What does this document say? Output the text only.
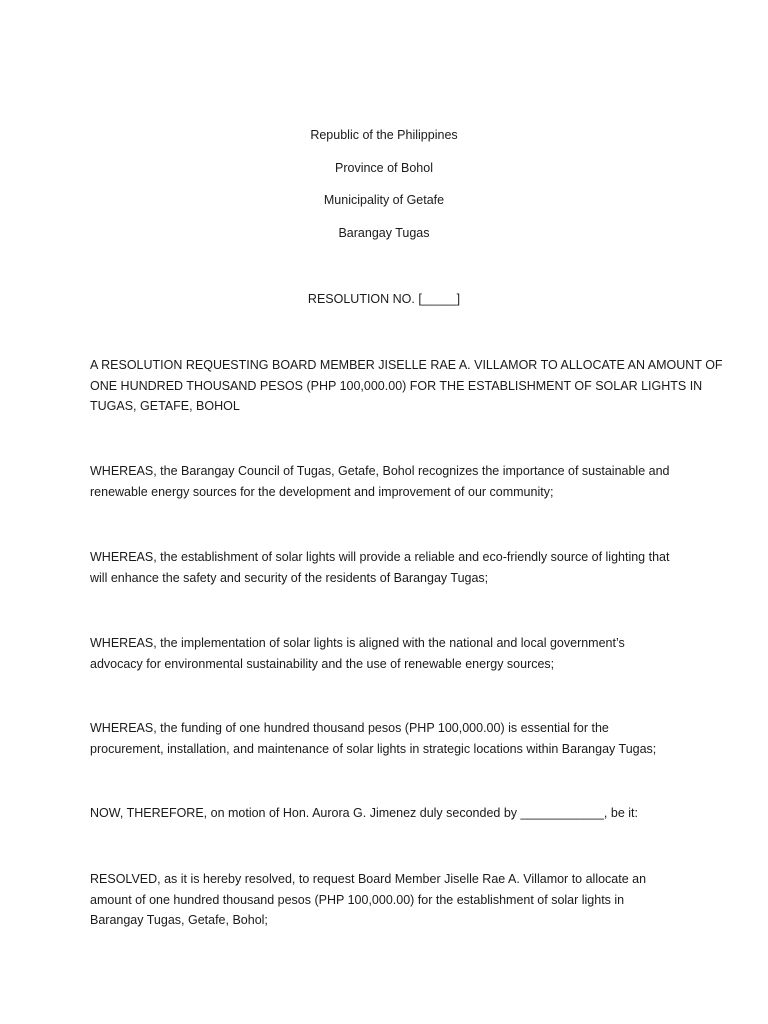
Republic of the Philippines
Province of Bohol
Municipality of Getafe
Barangay Tugas
RESOLUTION NO. [_____]
A RESOLUTION REQUESTING BOARD MEMBER JISELLE RAE A. VILLAMOR TO ALLOCATE AN AMOUNT OF
ONE HUNDRED THOUSAND PESOS (PHP 100,000.00) FOR THE ESTABLISHMENT OF SOLAR LIGHTS IN
TUGAS, GETAFE, BOHOL
WHEREAS, the Barangay Council of Tugas, Getafe, Bohol recognizes the importance of sustainable and
renewable energy sources for the development and improvement of our community;
WHEREAS, the establishment of solar lights will provide a reliable and eco-friendly source of lighting that
will enhance the safety and security of the residents of Barangay Tugas;
WHEREAS, the implementation of solar lights is aligned with the national and local government’s
advocacy for environmental sustainability and the use of renewable energy sources;
WHEREAS, the funding of one hundred thousand pesos (PHP 100,000.00) is essential for the
procurement, installation, and maintenance of solar lights in strategic locations within Barangay Tugas;
NOW, THEREFORE, on motion of Hon. Aurora G. Jimenez duly seconded by ____________, be it:
RESOLVED, as it is hereby resolved, to request Board Member Jiselle Rae A. Villamor to allocate an
amount of one hundred thousand pesos (PHP 100,000.00) for the establishment of solar lights in
Barangay Tugas, Getafe, Bohol;
